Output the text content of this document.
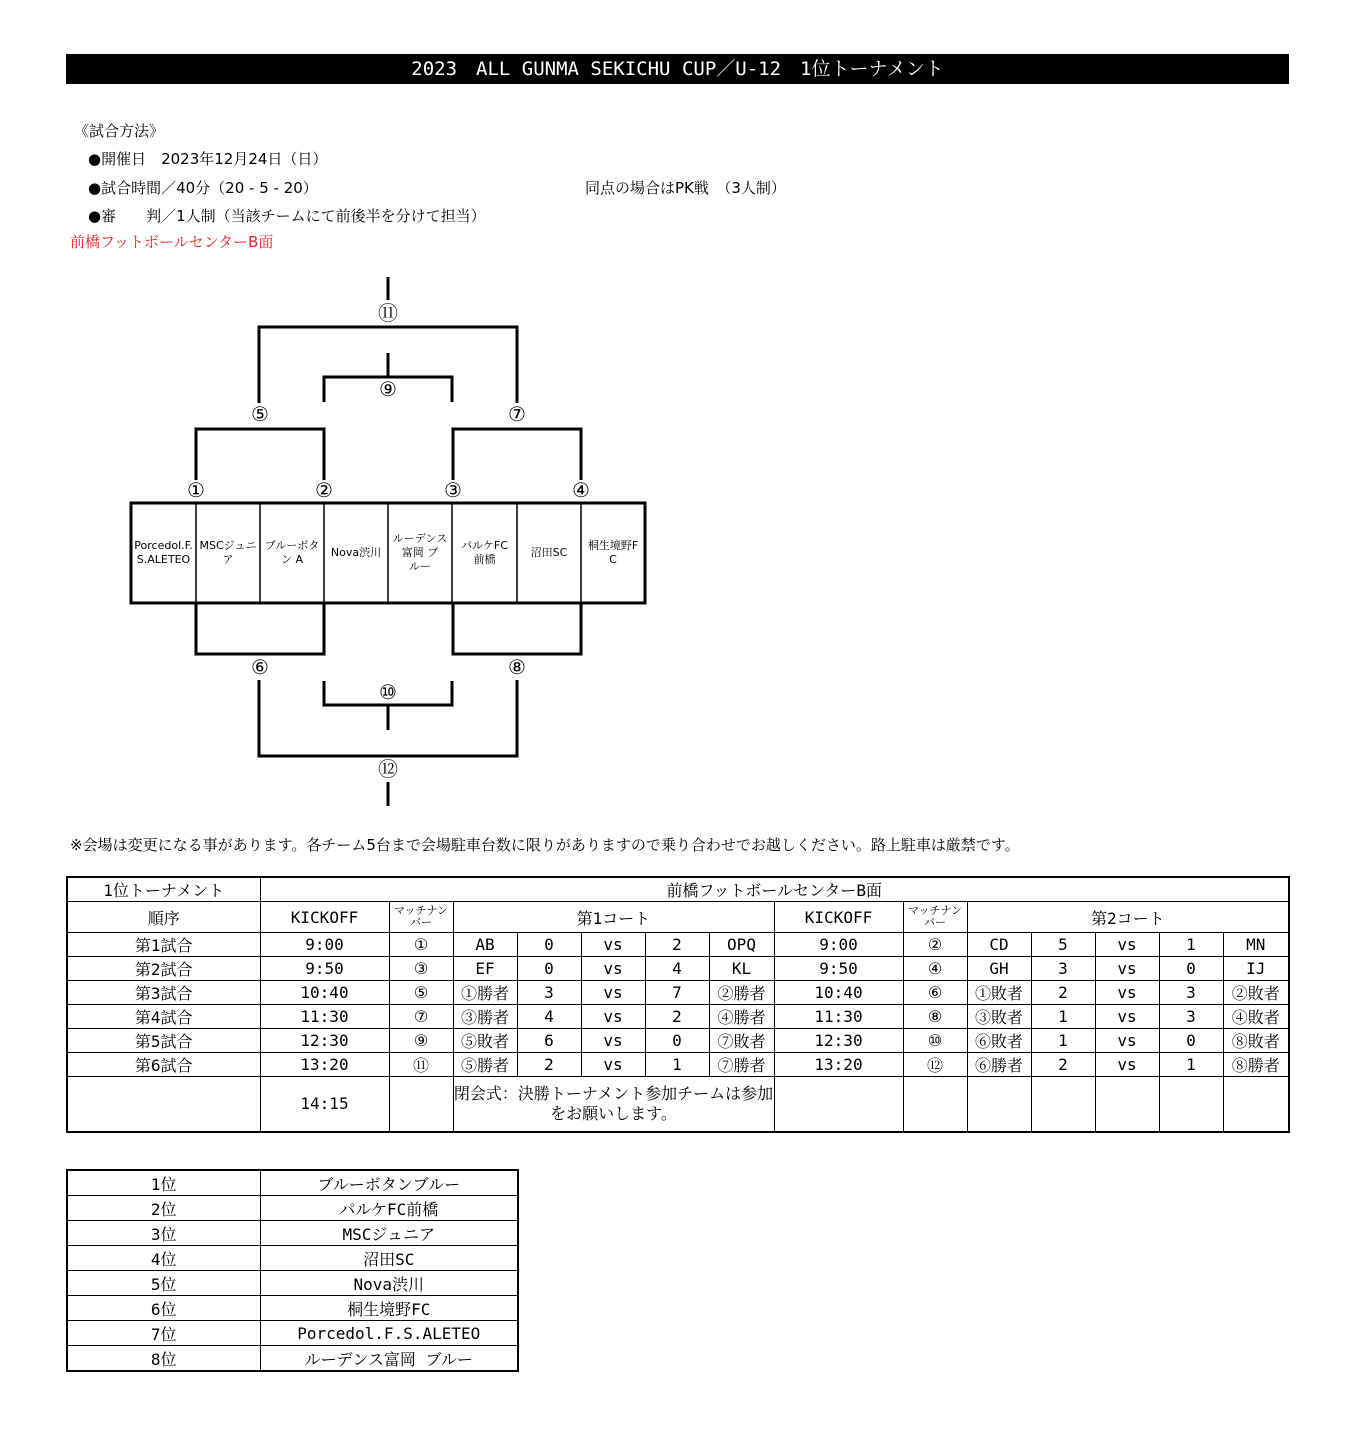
2023　ALL GUNMA SEKICHU CUP／U-12　1位トーナメント
《試合方法》
●開催日　2023年12月24日（日）
●試合時間／40分（20 - 5 - 20）	同点の場合はPK戦　（3人制）
●審　　判／1人制（当該チームにて前後半を分けて担当）
前橋フットボールセンターB面
①	②	③	④
⑤
⑥
⑦
⑧
⑨
⑩
⑪
⑫
Porcedol.F.
S.ALETEO
MSCジュニ
ア
ブルーボタ
ン A
Nova渋川
ルーデンス
富岡 ブ
ルー
パルケFC
前橋
沼田SC
桐生境野F
C
※会場は変更になる事があります。各チーム5台まで会場駐車台数に限りがありますので乗り合わせでお越しください。路上駐車は厳禁です。
1位トーナメント	前橋フットボールセンターB面													
順序	KICKOFF	マッチナンバー	第1コート					KICKOFF	マッチナンバー	第2コート				
第1試合	9:00	①	AB	0	vs	2	OPQ	9:00	②	CD	5	vs	1	MN
第2試合	9:50	③	EF	0	vs	4	KL	9:50	④	GH	3	vs	0	IJ
第3試合	10:40	⑤	①勝者	3	vs	7	②勝者	10:40	⑥	①敗者	2	vs	3	②敗者
第4試合	11:30	⑦	③勝者	4	vs	2	④勝者	11:30	⑧	③敗者	1	vs	3	④敗者
第5試合	12:30	⑨	⑤敗者	6	vs	0	⑦敗者	12:30	⑩	⑥敗者	1	vs	0	⑧敗者
第6試合	13:20	⑪	⑤勝者	2	vs	1	⑦勝者	13:20	⑫	⑥勝者	2	vs	1	⑧勝者
	14:15		閉会式：決勝トーナメント参加チームは参加をお願いします。											
1位	ブルーボタンブルー
2位	パルケFC前橋
3位	MSCジュニア
4位	沼田SC
5位	Nova渋川
6位	桐生境野FC
7位	Porcedol.F.S.ALETEO
8位	ルーデンス富岡 ブルー
